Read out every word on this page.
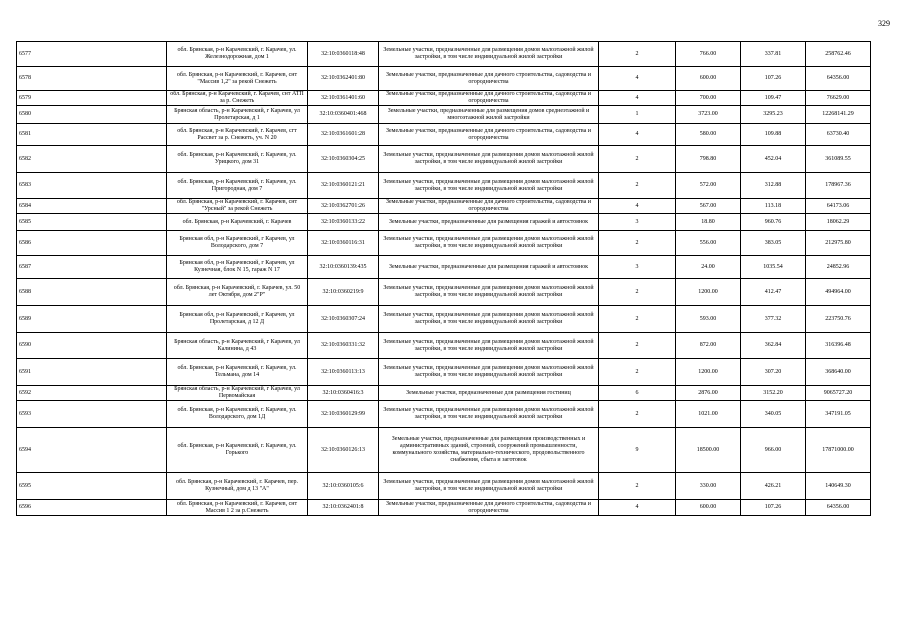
329
6577	обл. Брянская, р-н Карачевский, г. Карачев, ул. Железнодорожная, дом 1	32:10:0360118:48	Земельные участки, предназначенные для размещения домов малоэтажной жилой застройки, в том числе индивидуальной жилой застройки	2	766.00	337.81	258762.46
6578	обл. Брянская, р-н Карачевский, г. Карачев, снт "Массив 1,2" за рекой Снежеть	32:10:0362401:80	Земельные участки, предназначенные для дачного строительства, садоводства и огородничества	4	600.00	107.26	64356.00
6579	обл. Брянская, р-н Карачевский, г. Карачев, снт АТП за р. Снежеть	32:10:0361401:60	Земельные участки, предназначенные для дачного строительства, садоводства и огородничества	4	700.00	109.47	76629.00
6580	Брянская область, р-н Карачевский, г Карачев, ул Пролетарская, д 1	32:10:0360401:468	Земельные участки, предназначенные для размещения домов среднеэтажной и многоэтажной жилой застройки	1	3723.00	3295.23	12268141.29
6581	обл. Брянская, р-н Карачевский, г. Карачев, сгт Рассвет за р. Снежеть, уч. N 20	32:10:0361601:28	Земельные участки, предназначенные для дачного строительства, садоводства и огородничества	4	580.00	109.88	63730.40
6582	обл. Брянская, р-н Карачевский, г. Карачев, ул. Урицкого, дом 31	32:10:0360304:25	Земельные участки, предназначенные для размещения домов малоэтажной жилой застройки, в том числе индивидуальной жилой застройки	2	798.80	452.04	361089.55
6583	обл. Брянская, р-н Карачевский, г. Карачев, ул. Пригородная, дом 7	32:10:0360121:21	Земельные участки, предназначенные для размещения домов малоэтажной жилой застройки, в том числе индивидуальной жилой застройки	2	572.00	312.88	178967.36
6584	обл. Брянская, р-н Карачевский, г. Карачев, снт "Урсный" за рекой Снежеть	32:10:0362701:26	Земельные участки, предназначенные для дачного строительства, садоводства и огородничества	4	567.00	113.18	64173.06
6585	обл. Брянская, р-н Карачевский, г. Карачев	32:10:0360133:22	Земельные участки, предназначенные для размещения гаражей и автостоянок	3	18.80	960.76	18062.29
6586	Брянская обл, р-н Карачевский, г Карачев, ул Володарского, дом 7	32:10:0360116:31	Земельные участки, предназначенные для размещения домов малоэтажной жилой застройки, в том числе индивидуальной жилой застройки	2	556.00	383.05	212975.80
6587	Брянская обл, р-н Карачевский, г Карачев, ул Кузнечная, блок N 15, гараж N 17	32:10:0360139:435	Земельные участки, предназначенные для размещения гаражей и автостоянок	3	24.00	1035.54	24852.96
6588	обл. Брянская, р-н Карачевский, г. Карачев, ул. 50 лет Октября, дом 2"Р"	32:10:0360219:9	Земельные участки, предназначенные для размещения домов малоэтажной жилой застройки, в том числе индивидуальной жилой застройки	2	1200.00	412.47	494964.00
6589	Брянская обл, р-н Карачевский, г Карачев, ул Пролетарская, д 12 Д	32:10:0360307:24	Земельные участки, предназначенные для размещения домов малоэтажной жилой застройки, в том числе индивидуальной жилой застройки	2	593.00	377.32	223750.76
6590	Брянская область, р-н Карачевский, г Карачев, ул Калинина, д 43	32:10:0360331:32	Земельные участки, предназначенные для размещения домов малоэтажной жилой застройки, в том числе индивидуальной жилой застройки	2	872.00	362.84	316396.48
6591	обл. Брянская, р-н Карачевский, г. Карачев, ул. Тельмана, дом 14	32:10:0360113:13	Земельные участки, предназначенные для размещения домов малоэтажной жилой застройки, в том числе индивидуальной жилой застройки	2	1200.00	307.20	368640.00
6592	Брянская область, р-н Карачевский, г Карачев, ул Первомайская	32:10:0360416:3	Земельные участки, предназначенные для размещения гостиниц	6	2876.00	3152.20	9065727.20
6593	обл. Брянская, р-н Карачевский, г. Карачев, ул. Володарского, дом 1Д	32:10:0360129:99	Земельные участки, предназначенные для размещения домов малоэтажной жилой застройки, в том числе индивидуальной жилой застройки	2	1021.00	340.05	347191.05
6594	обл. Брянская, р-н Карачевский, г. Карачев, ул. Горького	32:10:0360126:13	Земельные участки, предназначенные для размещения производственных и административных зданий, строений, сооружений промышленности, коммунального хозяйства, материально-технического, продовольственного снабжения, сбыта и заготовок	9	18500.00	966.00	17871000.00
6595	обл. Брянская, р-н Карачевский, г. Карачев, пер. Кузнечный, дом д 13 "А"	32:10:0360105:6	Земельные участки, предназначенные для размещения домов малоэтажной жилой застройки, в том числе индивидуальной жилой застройки	2	330.00	426.21	140649.30
6596	обл. Брянская, р-н Карачевский, г. Карачев, снт Массив 1 2 за р.Снежеть	32:10:0362401:8	Земельные участки, предназначенные для дачного строительства, садоводства и огородничества	4	600.00	107.26	64356.00
